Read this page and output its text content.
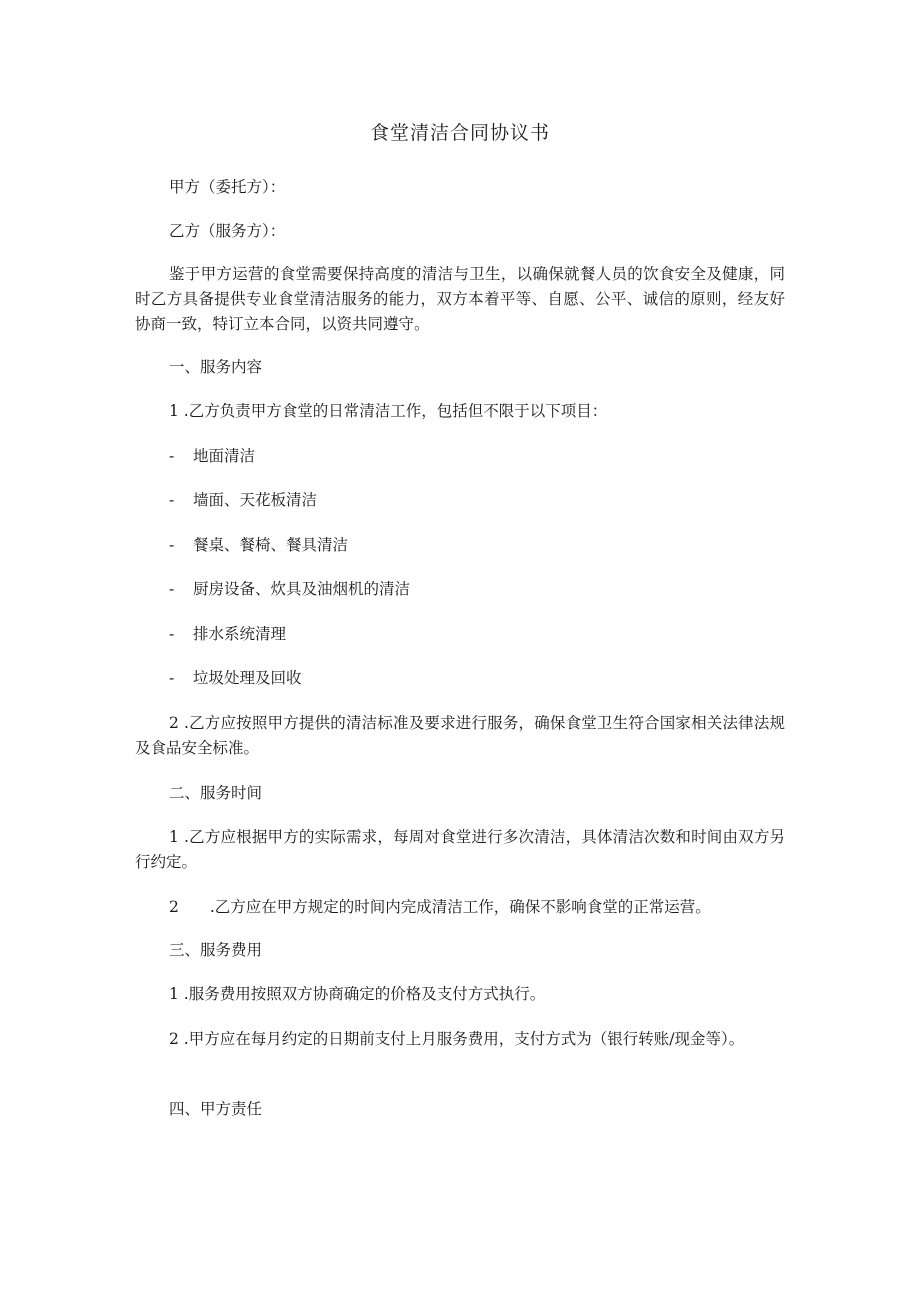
食堂清洁合同协议书
甲方（委托方）：
乙方（服务方）：
鉴于甲方运营的食堂需要保持高度的清洁与卫生，以确保就餐人员的饮食安全及健康，同时乙方具备提供专业食堂清洁服务的能力，双方本着平等、自愿、公平、诚信的原则，经友好协商一致，特订立本合同，以资共同遵守。
一、服务内容
1 .乙方负责甲方食堂的日常清洁工作，包括但不限于以下项目：
- 地面清洁
- 墙面、天花板清洁
- 餐桌、餐椅、餐具清洁
- 厨房设备、炊具及油烟机的清洁
- 排水系统清理
- 垃圾处理及回收
2 .乙方应按照甲方提供的清洁标准及要求进行服务，确保食堂卫生符合国家相关法律法规及食品安全标准。
二、服务时间
1 .乙方应根据甲方的实际需求，每周对食堂进行多次清洁，具体清洁次数和时间由双方另行约定。
2　　.乙方应在甲方规定的时间内完成清洁工作，确保不影响食堂的正常运营。
三、服务费用
1 .服务费用按照双方协商确定的价格及支付方式执行。
2 .甲方应在每月约定的日期前支付上月服务费用，支付方式为（银行转账/现金等）。
四、甲方责任
